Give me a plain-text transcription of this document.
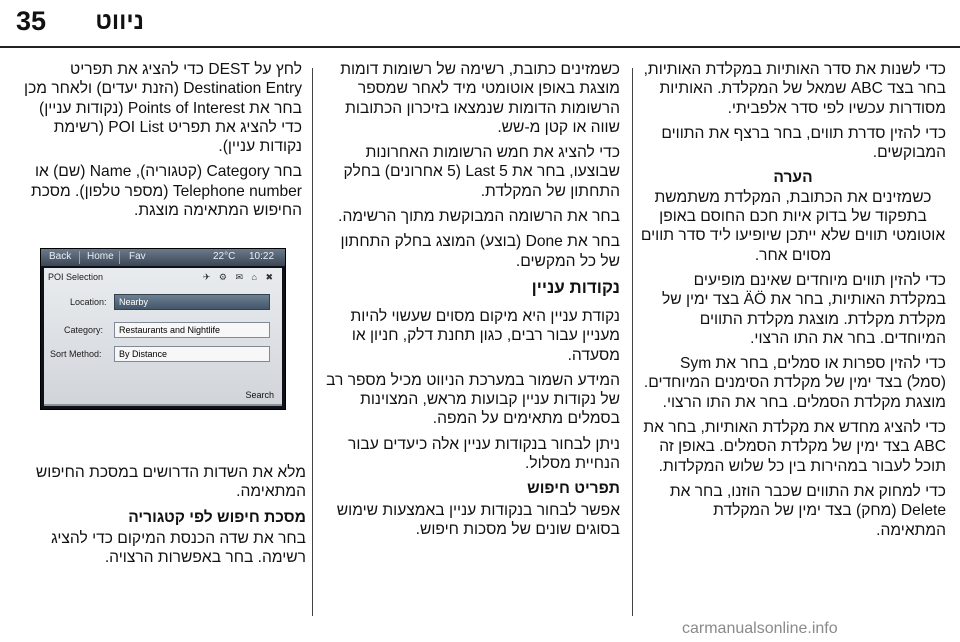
35 ניווט

כדי לשנות את סדר האותיות במקלדת האותיות, בחר בצד ABC שמאל של המקלדת. האותיות מסודרות עכשיו לפי סדר אלפביתי.

כדי להזין סדרת תווים, בחר ברצף את התווים המבוקשים.

הערה
כשמזינים את הכתובת, המקלדת משתמשת בתפקוד של בדוק איות חכם החוסם באופן אוטומטי תווים שלא ייתכן שיופיעו ליד סדר תווים מסוים אחר.

כדי להזין תווים מיוחדים שאינם מופיעים במקלדת האותיות, בחר את ÄÖ בצד ימין של מקלדת מקלדת. מוצגת מקלדת התווים המיוחדים. בחר את התו הרצוי.

כדי להזין ספרות או סמלים, בחר את Sym (סמל) בצד ימין של מקלדת הסימנים המיוחדים. מוצגת מקלדת הסמלים. בחר את התו הרצוי.

כדי להציג מחדש את מקלדת האותיות, בחר את ABC בצד ימין של מקלדת הסמלים. באופן זה תוכל לעבור במהירות בין כל שלוש המקלדות.

כדי למחוק את התווים שכבר הוזנו, בחר את Delete (מחק) בצד ימין של המקלדת המתאימה.

כשמזינים כתובת, רשימה של רשומות דומות מוצגת באופן אוטומטי מיד לאחר שמספר הרשומות הדומות שנמצאו בזיכרון הכתובות שווה או קטן מ-שש.

כדי להציג את חמש הרשומות האחרונות שבוצעו, בחר את Last 5 (5 אחרונים) בחלק התחתון של המקלדת.

בחר את הרשומה המבוקשת מתוך הרשימה.

בחר את Done (בוצע) המוצג בחלק התחתון של כל המקשים.

נקודות עניין

נקודת עניין היא מיקום מסוים שעשוי להיות מעניין עבור רבים, כגון תחנת דלק, חניון או מסעדה.

המידע השמור במערכת הניווט מכיל מספר רב של נקודות עניין קבועות מראש, המצוינות בסמלים מתאימים על המפה.

ניתן לבחור בנקודות עניין אלה כיעדים עבור הנחיית מסלול.

תפריט חיפוש

אפשר לבחור בנקודות עניין באמצעות שימוש בסוגים שונים של מסכות חיפוש.

לחץ על DEST כדי להציג את תפריט Destination Entry (הזנת יעדים) ולאחר מכן בחר את Points of Interest (נקודות עניין) כדי להציג את תפריט POI List (רשימת נקודות עניין).

בחר Category (קטגוריה), Name (שם) או Telephone number (מספר טלפון). מסכת החיפוש המתאימה מוצגת.

Back Home Fav	22°C 10:22
POI Selection	✈ ⚙ ✉ ⌂ ✖
Location:	Nearby
Category:	Restaurants and Nightlife
Sort Method:	By Distance
Search

מלא את השדות הדרושים במסכת החיפוש המתאימה.

מסכת חיפוש לפי קטגוריה

בחר את שדה הכנסת המיקום כדי להציג רשימה. בחר באפשרות הרצויה.

carmanualsonline.info
